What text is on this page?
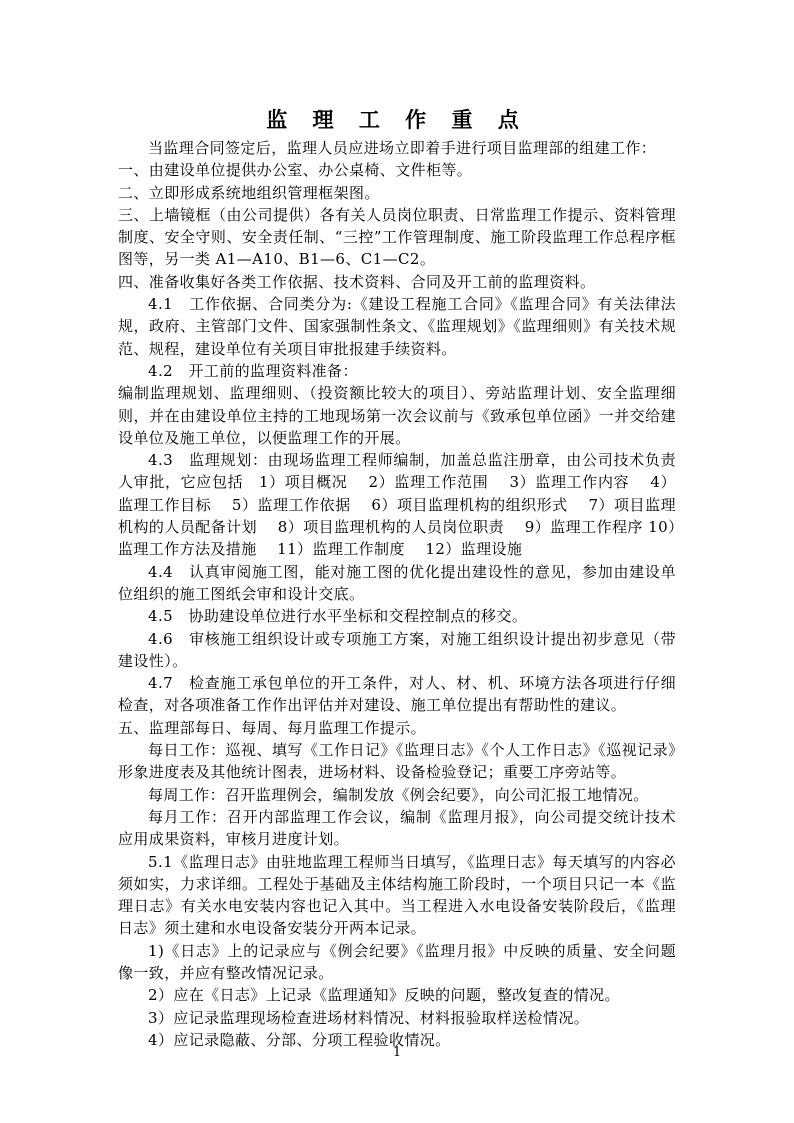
监 理 工 作 重 点

当监理合同签定后，监理人员应进场立即着手进行项目监理部的组建工作：

一、由建设单位提供办公室、办公桌椅、文件柜等。

二、立即形成系统地组织管理框架图。

三、上墙镜框（由公司提供）各有关人员岗位职责、日常监理工作提示、资料管理制度、安全守则、安全责任制、“三控”工作管理制度、施工阶段监理工作总程序框图等，另一类 A1—A10、B1—6、C1—C2。

四、准备收集好各类工作依据、技术资料、合同及开工前的监理资料。

4.1　工作依据、合同类分为:《建设工程施工合同》《监理合同》有关法律法规，政府、主管部门文件、国家强制性条文、《监理规划》《监理细则》有关技术规范、规程，建设单位有关项目审批报建手续资料。

4.2　开工前的监理资料准备：

编制监理规划、监理细则、（投资额比较大的项目）、旁站监理计划、安全监理细则，并在由建设单位主持的工地现场第一次会议前与《致承包单位函》一并交给建设单位及施工单位，以便监理工作的开展。

4.3　监理规划：由现场监理工程师编制，加盖总监注册章，由公司技术负责人审批，它应包括　1）项目概况　 2）监理工作范围　 3）监理工作内容　 4）监理工作目标　 5）监理工作依据　 6）项目监理机构的组织形式　 7）项目监理机构的人员配备计划　 8）项目监理机构的人员岗位职责　 9）监理工作程序 10）监理工作方法及措施　 11）监理工作制度　 12）监理设施

4.4　认真审阅施工图，能对施工图的优化提出建设性的意见，参加由建设单位组织的施工图纸会审和设计交底。

4.5　协助建设单位进行水平坐标和交程控制点的移交。

4.6　审核施工组织设计或专项施工方案，对施工组织设计提出初步意见（带建设性）。

4.7　检查施工承包单位的开工条件，对人、材、机、环境方法各项进行仔细检查，对各项准备工作作出评估并对建设、施工单位提出有帮助性的建议。

五、监理部每日、每周、每月监理工作提示。

每日工作：巡视、填写《工作日记》《监理日志》《个人工作日志》《巡视记录》形象进度表及其他统计图表，进场材料、设备检验登记；重要工序旁站等。

每周工作：召开监理例会，编制发放《例会纪要》，向公司汇报工地情况。

每月工作：召开内部监理工作会议，编制《监理月报》，向公司提交统计技术应用成果资料，审核月进度计划。

5.1《监理日志》由驻地监理工程师当日填写，《监理日志》每天填写的内容必须如实，力求详细。工程处于基础及主体结构施工阶段时，一个项目只记一本《监理日志》有关水电安装内容也记入其中。当工程进入水电设备安装阶段后，《监理日志》须土建和水电设备安装分开两本记录。

1)《日志》上的记录应与《例会纪要》《监理月报》中反映的质量、安全问题像一致，并应有整改情况记录。

2）应在《日志》上记录《监理通知》反映的问题，整改复查的情况。

3）应记录监理现场检查进场材料情况、材料报验取样送检情况。

4）应记录隐蔽、分部、分项工程验收情况。

1
